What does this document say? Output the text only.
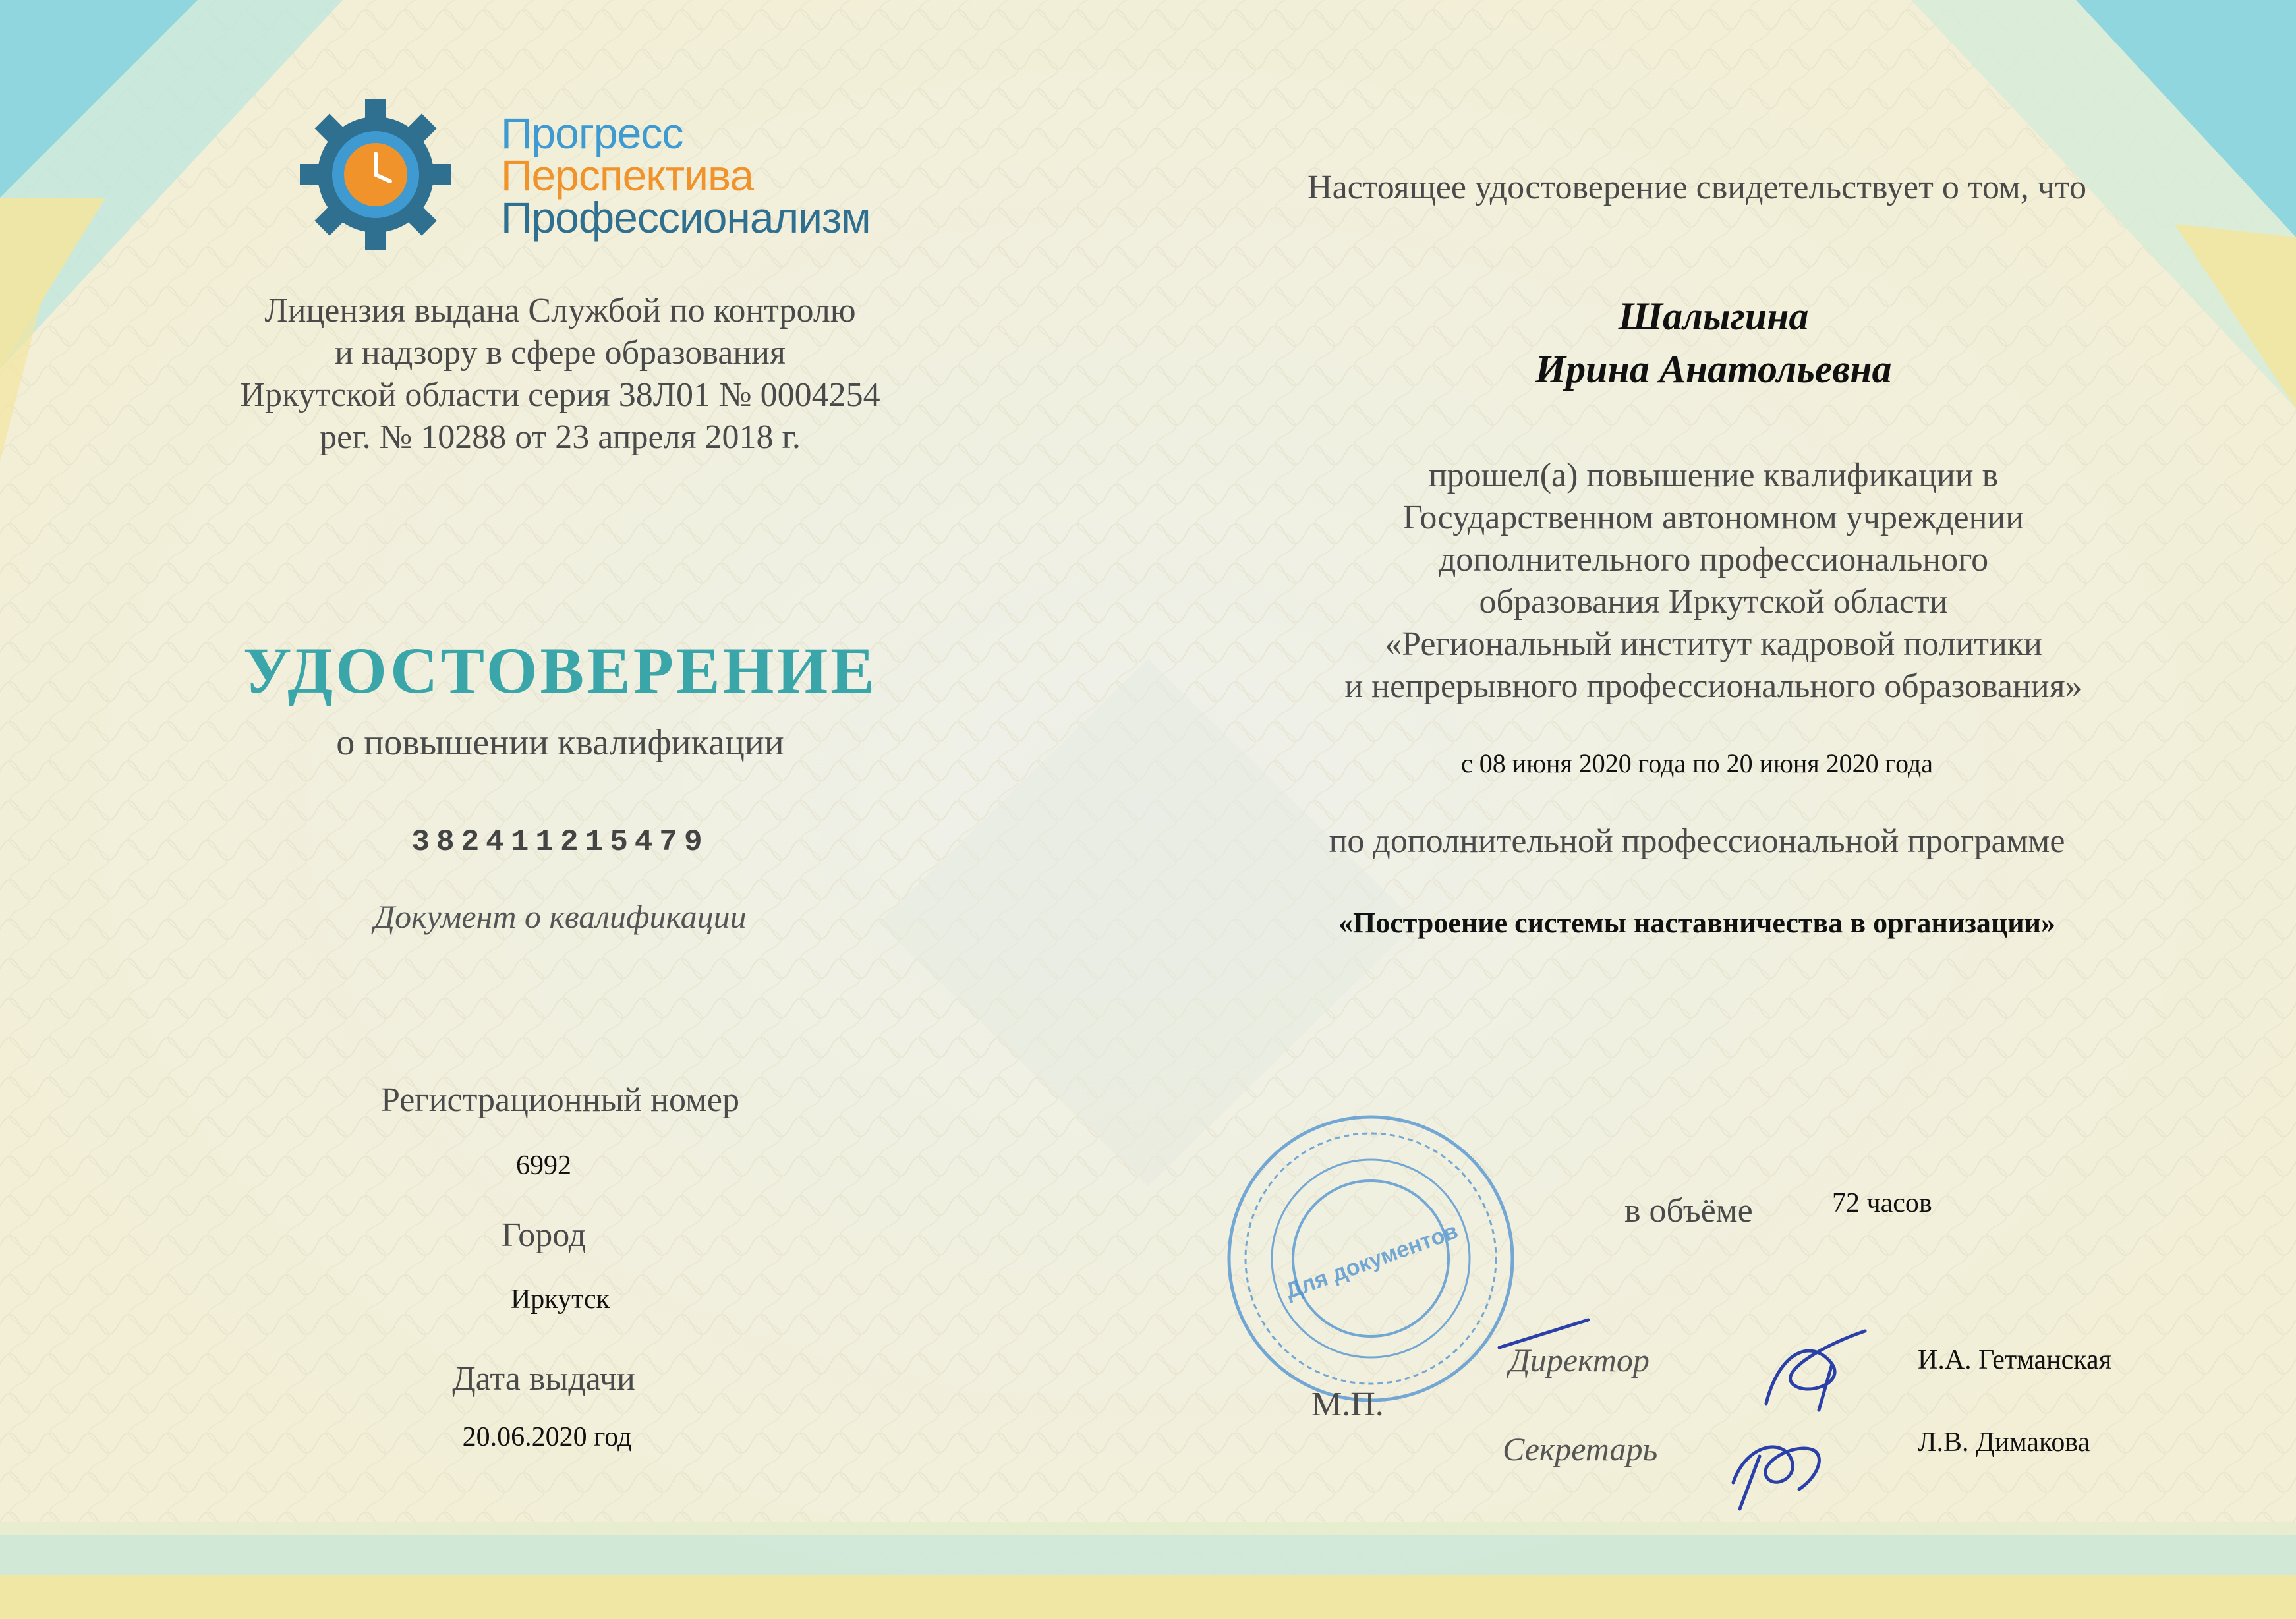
Прогресс
Перспектива
Профессионализм
Лицензия выдана Службой по контролю
и надзору в сфере образования
Иркутской области серия 38Л01 № 0004254
рег. № 10288 от 23 апреля 2018 г.
УДОСТОВЕРЕНИЕ
о повышении квалификации
382411215479
Документ о квалификации
Регистрационный номер
6992
Город
Иркутск
Дата выдачи
20.06.2020 год
Настоящее удостоверение свидетельствует о том, что
Шалыгина
Ирина Анатольевна
прошел(а) повышение квалификации в
Государственном автономном учреждении
дополнительного профессионального
образования Иркутской области
«Региональный институт кадровой политики
и непрерывного профессионального образования»
с 08 июня 2020 года по 20 июня 2020 года
по дополнительной профессиональной программе
«Построение системы наставничества в организации»
в объёме	72 часов
Для документов
М.П.
Директор	И.А. Гетманская
Секретарь	Л.В. Димакова
